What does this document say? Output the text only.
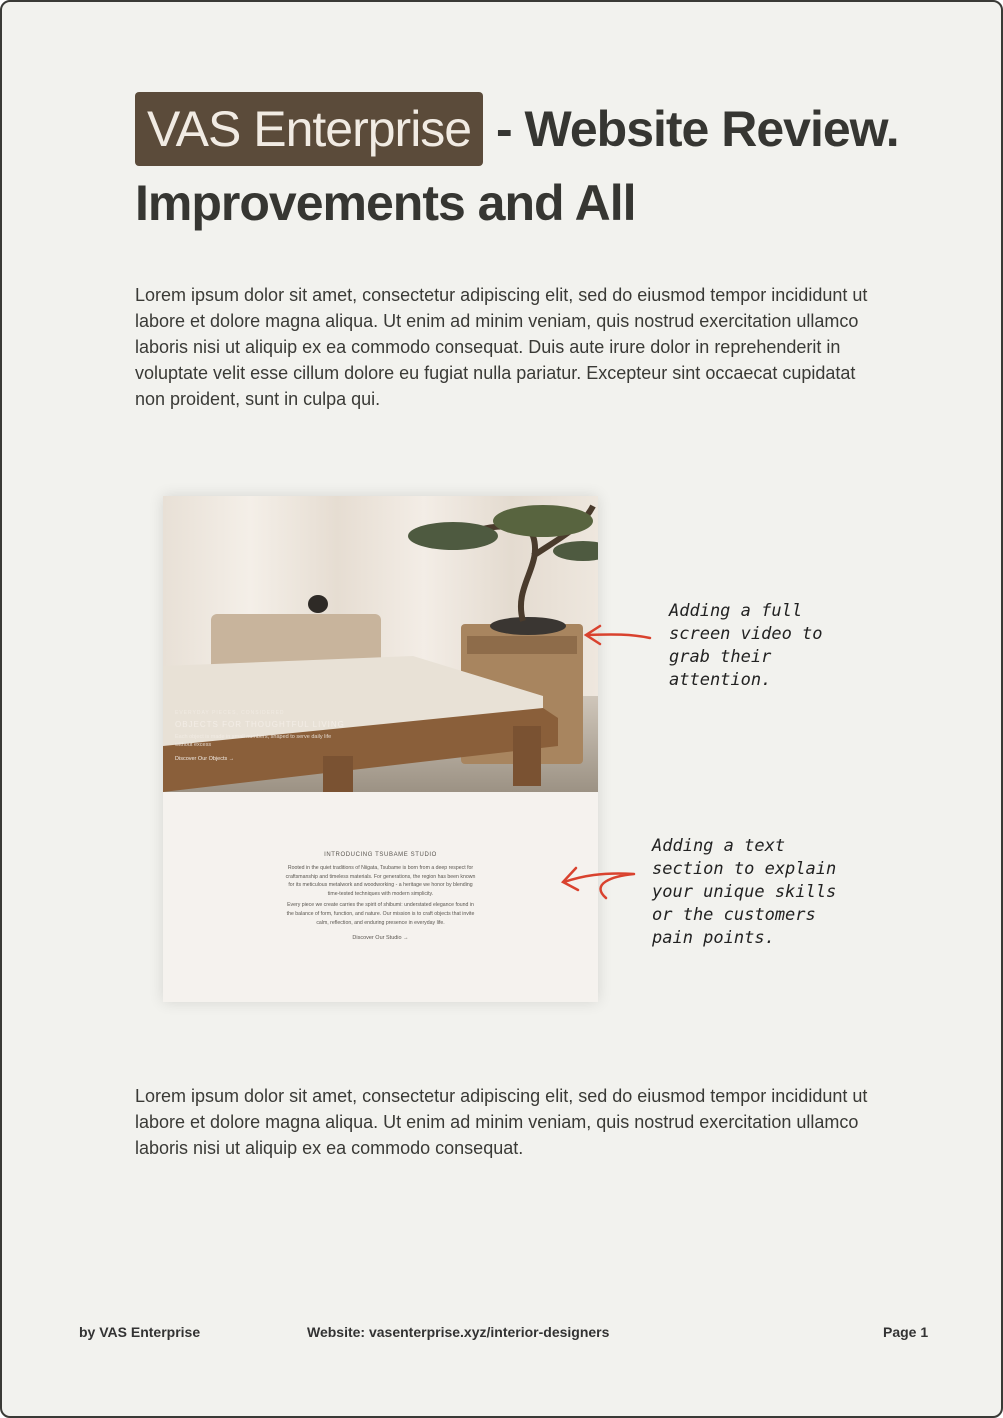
VAS Enterprise - Website Review. Improvements and All

Lorem ipsum dolor sit amet, consectetur adipiscing elit, sed do eiusmod tempor incididunt ut labore et dolore magna aliqua. Ut enim ad minim veniam, quis nostrud exercitation ullamco laboris nisi ut aliquip ex ea commodo consequat. Duis aute irure dolor in reprehenderit in voluptate velit esse cillum dolore eu fugiat nulla pariatur. Excepteur sint occaecat cupidatat non proident, sunt in culpa qui.

EVERYDAY PIECES, CONSIDERED
OBJECTS FOR THOUGHTFUL LIVING
Each object is made in small numbers, shaped to serve daily life without excess
Discover Our Objects →
INTRODUCING TSUBAME STUDIO
Rooted in the quiet traditions of Niigata, Tsubame is born from a deep respect for craftsmanship and timeless materials. For generations, the region has been known for its meticulous metalwork and woodworking - a heritage we honor by blending time-tested techniques with modern simplicity.
Every piece we create carries the spirit of shibumi: understated elegance found in the balance of form, function, and nature. Our mission is to craft objects that invite calm, reflection, and enduring presence in everyday life.
Discover Our Studio →
Adding a full screen video to grab their attention.
Adding a text section to explain your unique skills or the customers pain points.

Lorem ipsum dolor sit amet, consectetur adipiscing elit, sed do eiusmod tempor incididunt ut labore et dolore magna aliqua. Ut enim ad minim veniam, quis nostrud exercitation ullamco laboris nisi ut aliquip ex ea commodo consequat.

by VAS Enterprise	Website: vasenterprise.xyz/interior-designers	Page 1
